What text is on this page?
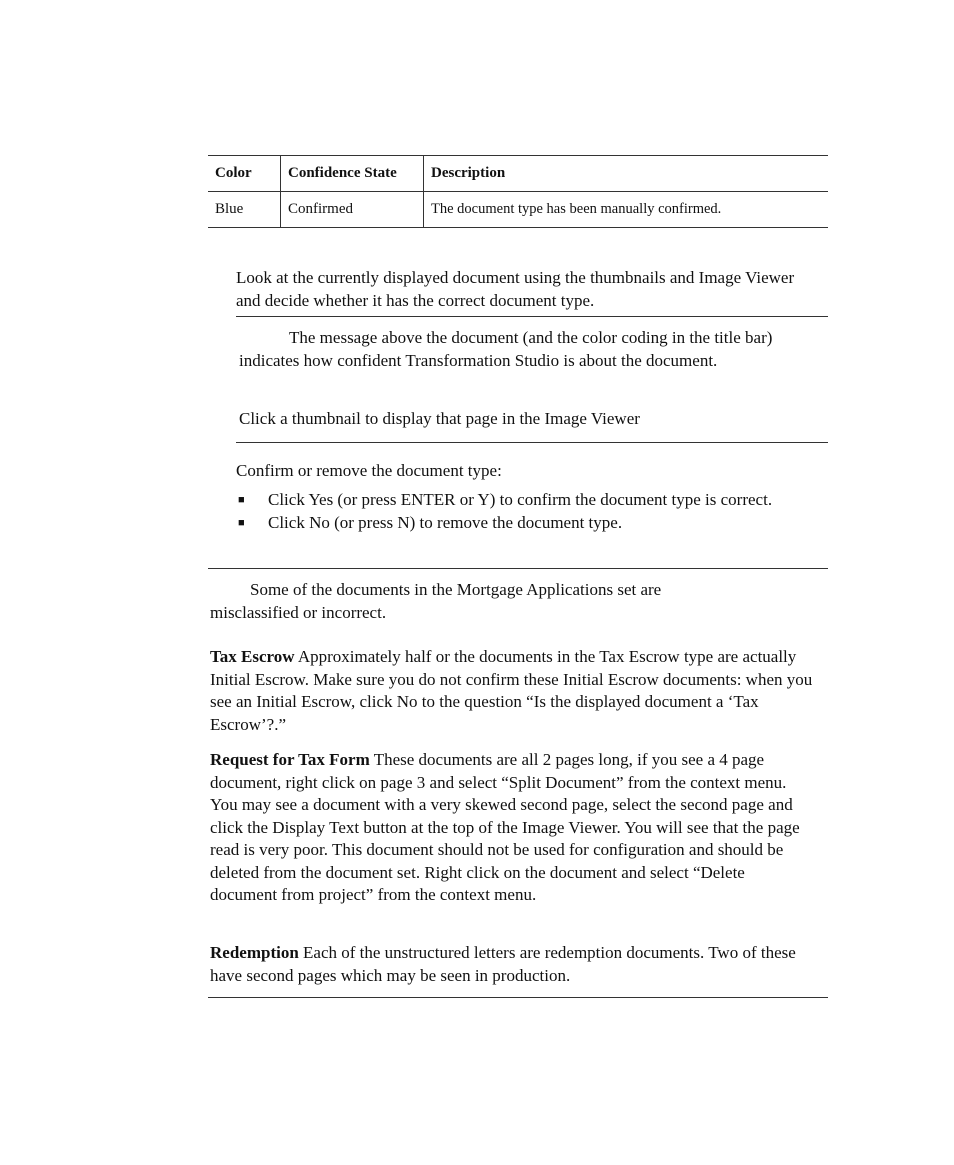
Color	Confidence State	Description
Blue	Confirmed	The document type has been manually confirmed.

Look at the currently displayed document using the thumbnails and Image Viewer and decide whether it has the correct document type.

The message above the document (and the color coding in the title bar) indicates how confident Transformation Studio is about the document.

Click a thumbnail to display that page in the Image Viewer

Confirm or remove the document type:

■ Click Yes (or press ENTER or Y) to confirm the document type is correct.
■ Click No (or press N) to remove the document type.

Some of the documents in the Mortgage Applications set are misclassified or incorrect.

Tax Escrow Approximately half or the documents in the Tax Escrow type are actually Initial Escrow. Make sure you do not confirm these Initial Escrow documents: when you see an Initial Escrow, click No to the question “Is the displayed document a ‘Tax Escrow’?.”

Request for Tax Form These documents are all 2 pages long, if you see a 4 page document, right click on page 3 and select “Split Document” from the context menu. You may see a document with a very skewed second page, select the second page and click the Display Text button at the top of the Image Viewer. You will see that the page read is very poor. This document should not be used for configuration and should be deleted from the document set. Right click on the document and select “Delete document from project” from the context menu.

Redemption Each of the unstructured letters are redemption documents. Two of these have second pages which may be seen in production.
